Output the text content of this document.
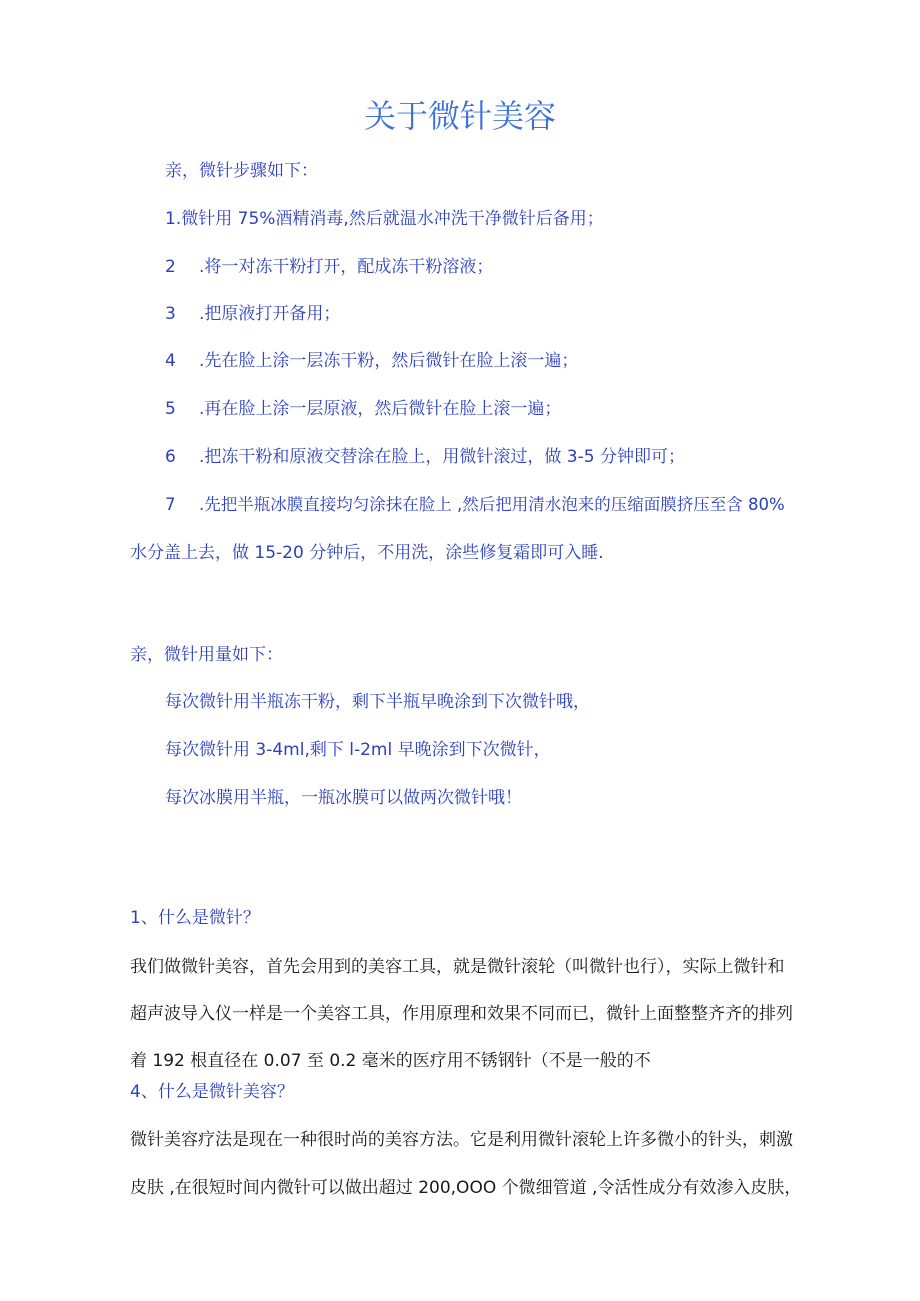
关于微针美容

亲，微针步骤如下：

1.微针用 75%酒精消毒,然后就温水冲洗干净微针后备用；

2 .将一对冻干粉打开，配成冻干粉溶液；

3 .把原液打开备用；

4 .先在脸上涂一层冻干粉，然后微针在脸上滚一遍；

5 .再在脸上涂一层原液，然后微针在脸上滚一遍；

6 .把冻干粉和原液交替涂在脸上，用微针滚过，做 3-5 分钟即可；

7 .先把半瓶冰膜直接均匀涂抹在脸上 ,然后把用清水泡来的压缩面膜挤压至含 80%

水分盖上去，做 15-20 分钟后，不用洗，涂些修复霜即可入睡.

亲，微针用量如下：

每次微针用半瓶冻干粉，剩下半瓶早晚涂到下次微针哦，

每次微针用 3-4ml,剩下 l-2ml 早晚涂到下次微针，

每次冰膜用半瓶，一瓶冰膜可以做两次微针哦！

1、什么是微针？

我们做微针美容，首先会用到的美容工具，就是微针滚轮（叫微针也行），实际上微针和

超声波导入仪一样是一个美容工具，作用原理和效果不同而已，微针上面整整齐齐的排列

着 192 根直径在 0.07 至 0.2 毫米的医疗用不锈钢针（不是一般的不

4、什么是微针美容？

微针美容疗法是现在一种很时尚的美容方法。它是利用微针滚轮上许多微小的针头，刺激

皮肤 ,在很短时间内微针可以做出超过 200,OOO 个微细管道 ,令活性成分有效渗入皮肤，
